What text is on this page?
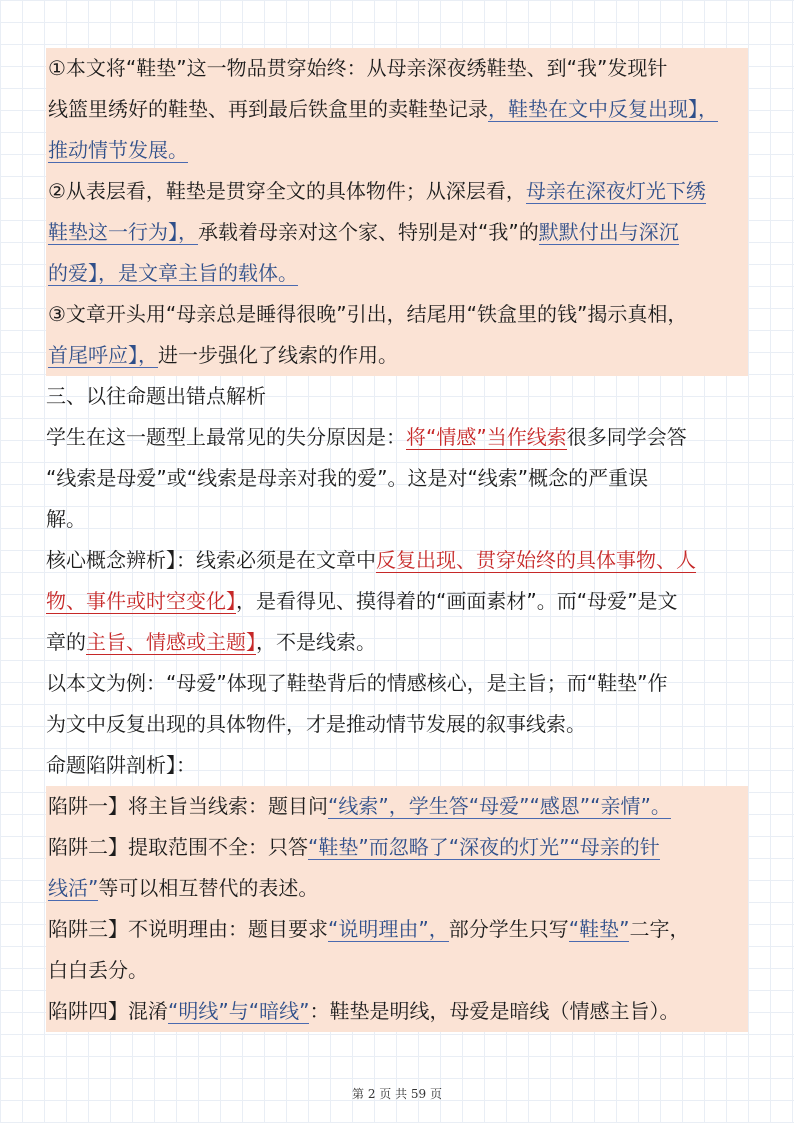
①本文将“鞋垫”这一物品贯穿始终：从母亲深夜绣鞋垫、到“我”发现针
线篮里绣好的鞋垫、再到最后铁盒里的卖鞋垫记录，鞋垫在文中反复出现】，
推动情节发展。
②从表层看，鞋垫是贯穿全文的具体物件；从深层看，母亲在深夜灯光下绣
鞋垫这一行为】，承载着母亲对这个家、特别是对“我”的默默付出与深沉
的爱】，是文章主旨的载体。
③文章开头用“母亲总是睡得很晚”引出，结尾用“铁盒里的钱”揭示真相，
首尾呼应】，进一步强化了线索的作用。
三、以往命题出错点解析
学生在这一题型上最常见的失分原因是：将“情感”当作线索很多同学会答
“线索是母爱”或“线索是母亲对我的爱”。这是对“线索”概念的严重误
解。
核心概念辨析】：线索必须是在文章中反复出现、贯穿始终的具体事物、人
物、事件或时空变化】，是看得见、摸得着的“画面素材”。而“母爱”是文
章的主旨、情感或主题】，不是线索。
以本文为例：“母爱”体现了鞋垫背后的情感核心，是主旨；而“鞋垫”作
为文中反复出现的具体物件，才是推动情节发展的叙事线索。
命题陷阱剖析】：
陷阱一】将主旨当线索：题目问“线索”，学生答“母爱”“感恩”“亲情”。
陷阱二】提取范围不全：只答“鞋垫”而忽略了“深夜的灯光”“母亲的针
线活”等可以相互替代的表述。
陷阱三】不说明理由：题目要求“说明理由”，部分学生只写“鞋垫”二字，
白白丢分。
陷阱四】混淆“明线”与“暗线”：鞋垫是明线，母爱是暗线（情感主旨）。
第 2 页 共 59 页
